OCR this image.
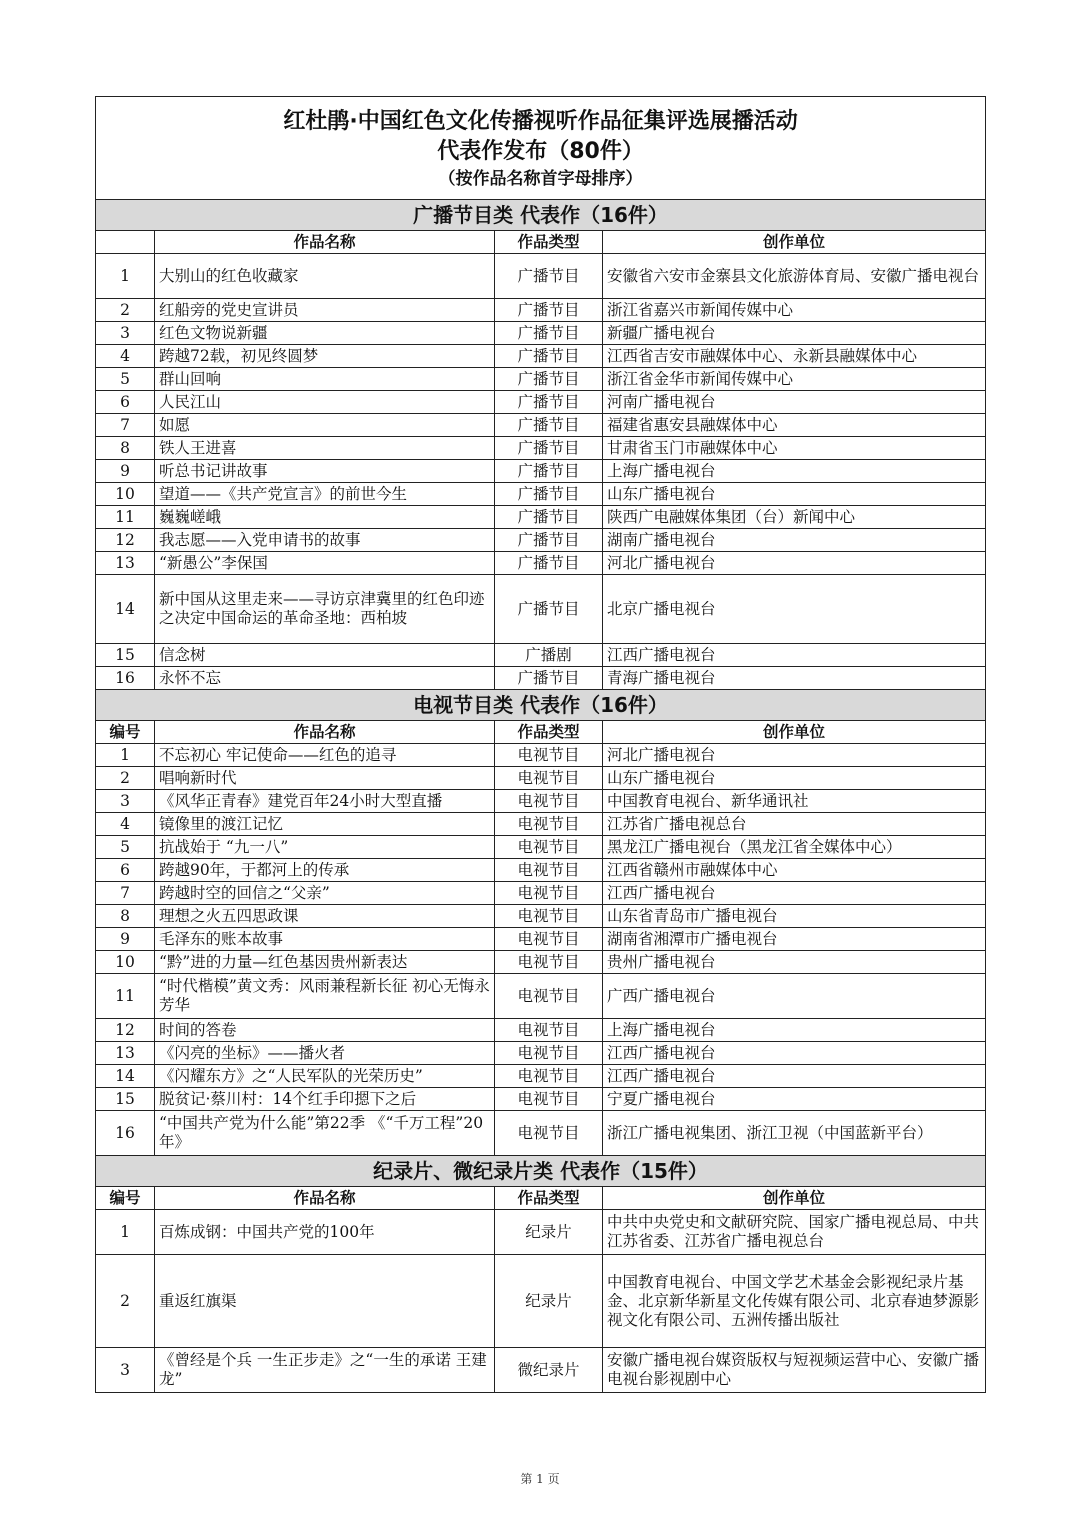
红杜鹃·中国红色文化传播视听作品征集评选展播活动
代表作发布（80件）
（按作品名称首字母排序）			

广播节目类 代表作（16件）			
	作品名称	作品类型	创作单位
1	大别山的红色收藏家	广播节目	安徽省六安市金寨县文化旅游体育局、安徽广播电视台
2	红船旁的党史宣讲员	广播节目	浙江省嘉兴市新闻传媒中心
3	红色文物说新疆	广播节目	新疆广播电视台
4	跨越72载，初见终圆梦	广播节目	江西省吉安市融媒体中心、永新县融媒体中心
5	群山回响	广播节目	浙江省金华市新闻传媒中心
6	人民江山	广播节目	河南广播电视台
7	如愿	广播节目	福建省惠安县融媒体中心
8	铁人王进喜	广播节目	甘肃省玉门市融媒体中心
9	听总书记讲故事	广播节目	上海广播电视台
10	望道——《共产党宣言》的前世今生	广播节目	山东广播电视台
11	巍巍嵯峨	广播节目	陕西广电融媒体集团（台）新闻中心
12	我志愿——入党申请书的故事	广播节目	湖南广播电视台
13	“新愚公”李保国	广播节目	河北广播电视台
14	新中国从这里走来——寻访京津冀里的红色印迹之决定中国命运的革命圣地：西柏坡	广播节目	北京广播电视台
15	信念树	广播剧	江西广播电视台
16	永怀不忘	广播节目	青海广播电视台
电视节目类 代表作（16件）			
编号	作品名称	作品类型	创作单位
1	不忘初心 牢记使命——红色的追寻	电视节目	河北广播电视台
2	唱响新时代	电视节目	山东广播电视台
3	《风华正青春》建党百年24小时大型直播	电视节目	中国教育电视台、新华通讯社
4	镜像里的渡江记忆	电视节目	江苏省广播电视总台
5	抗战始于 “九一八”	电视节目	黑龙江广播电视台（黑龙江省全媒体中心）
6	跨越90年，于都河上的传承	电视节目	江西省赣州市融媒体中心
7	跨越时空的回信之“父亲”	电视节目	江西广播电视台
8	理想之火五四思政课	电视节目	山东省青岛市广播电视台
9	毛泽东的账本故事	电视节目	湖南省湘潭市广播电视台
10	“黔”进的力量—红色基因贵州新表达	电视节目	贵州广播电视台
11	“时代楷模”黄文秀：风雨兼程新长征 初心无悔永芳华	电视节目	广西广播电视台
12	时间的答卷	电视节目	上海广播电视台
13	《闪亮的坐标》——播火者	电视节目	江西广播电视台
14	《闪耀东方》之“人民军队的光荣历史”	电视节目	江西广播电视台
15	脱贫记·蔡川村：14个红手印摁下之后	电视节目	宁夏广播电视台
16	“中国共产党为什么能”第22季 《“千万工程”20年》	电视节目	浙江广播电视集团、浙江卫视（中国蓝新平台）
纪录片、微纪录片类 代表作（15件）			
编号	作品名称	作品类型	创作单位
1	百炼成钢：中国共产党的100年	纪录片	中共中央党史和文献研究院、国家广播电视总局、中共江苏省委、江苏省广播电视总台
2	重返红旗渠	纪录片	中国教育电视台、中国文学艺术基金会影视纪录片基金、北京新华新星文化传媒有限公司、北京春迪梦源影视文化有限公司、五洲传播出版社
3	《曾经是个兵 一生正步走》之“一生的承诺 王建龙”	微纪录片	安徽广播电视台媒资版权与短视频运营中心、安徽广播电视台影视剧中心
第 1 页
